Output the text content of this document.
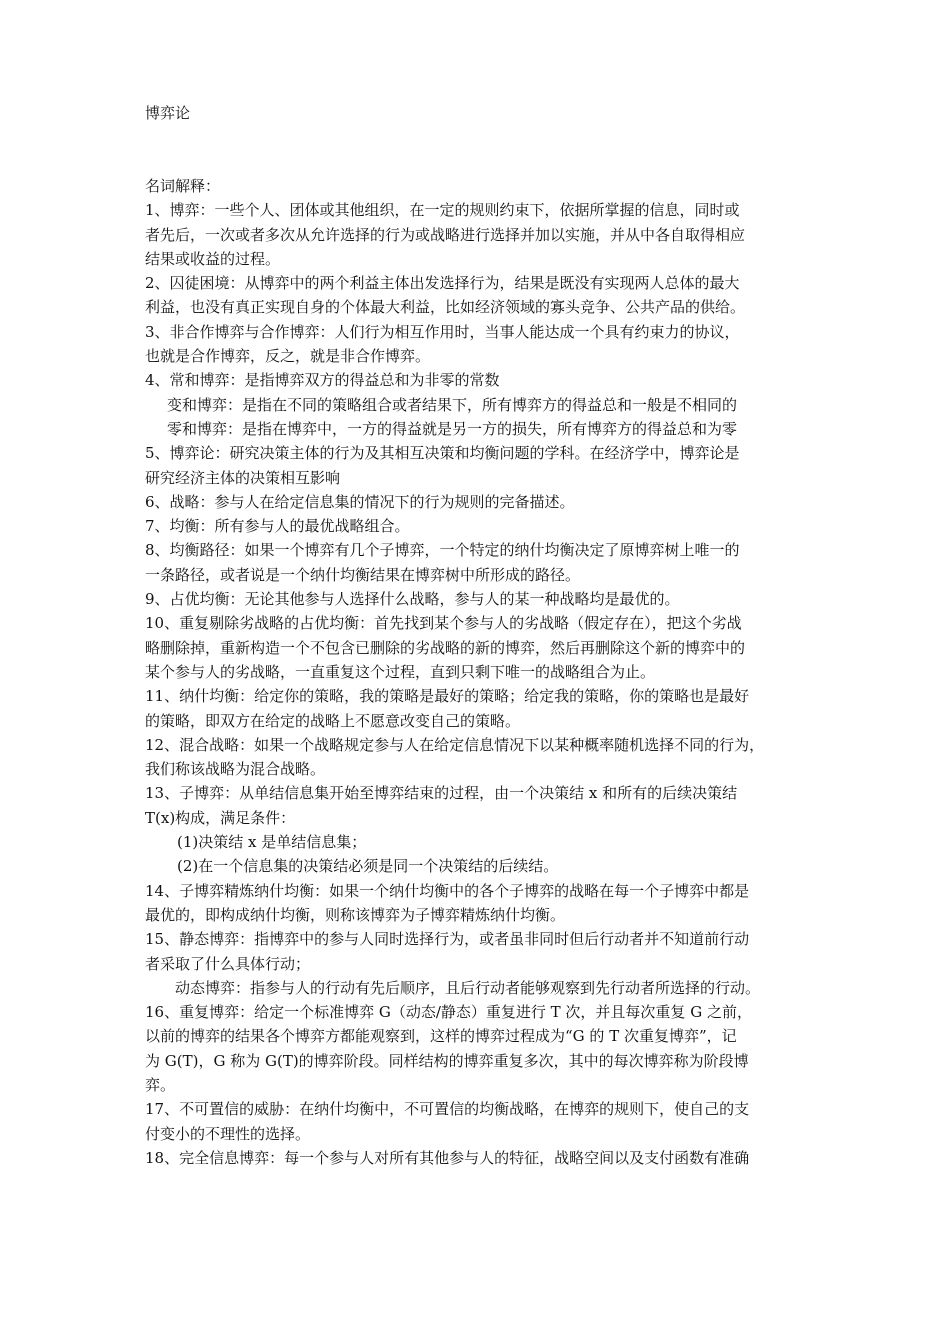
博弈论
名词解释：
1、博弈：一些个人、团体或其他组织，在一定的规则约束下，依据所掌握的信息，同时或
者先后，一次或者多次从允许选择的行为或战略进行选择并加以实施，并从中各自取得相应
结果或收益的过程。
2、囚徒困境：从博弈中的两个利益主体出发选择行为，结果是既没有实现两人总体的最大
利益，也没有真正实现自身的个体最大利益，比如经济领域的寡头竞争、公共产品的供给。
3、非合作博弈与合作博弈：人们行为相互作用时，当事人能达成一个具有约束力的协议，
也就是合作博弈，反之，就是非合作博弈。
4、常和博弈：是指博弈双方的得益总和为非零的常数
变和博弈：是指在不同的策略组合或者结果下，所有博弈方的得益总和一般是不相同的
零和博弈：是指在博弈中，一方的得益就是另一方的损失，所有博弈方的得益总和为零
5、博弈论：研究决策主体的行为及其相互决策和均衡问题的学科。在经济学中，博弈论是
研究经济主体的决策相互影响
6、战略：参与人在给定信息集的情况下的行为规则的完备描述。
7、均衡：所有参与人的最优战略组合。
8、均衡路径：如果一个博弈有几个子博弈，一个特定的纳什均衡决定了原博弈树上唯一的
一条路径，或者说是一个纳什均衡结果在博弈树中所形成的路径。
9、占优均衡：无论其他参与人选择什么战略，参与人的某一种战略均是最优的。
10、重复剔除劣战略的占优均衡：首先找到某个参与人的劣战略（假定存在），把这个劣战
略删除掉，重新构造一个不包含已删除的劣战略的新的博弈，然后再删除这个新的博弈中的
某个参与人的劣战略，一直重复这个过程，直到只剩下唯一的战略组合为止。
11、纳什均衡：给定你的策略，我的策略是最好的策略；给定我的策略，你的策略也是最好
的策略，即双方在给定的战略上不愿意改变自己的策略。
12、混合战略：如果一个战略规定参与人在给定信息情况下以某种概率随机选择不同的行为，
我们称该战略为混合战略。
13、子博弈：从单结信息集开始至博弈结束的过程，由一个决策结 x 和所有的后续决策结
T(x)构成，满足条件：
(1)决策结 x 是单结信息集；
(2)在一个信息集的决策结必须是同一个决策结的后续结。
14、子博弈精炼纳什均衡：如果一个纳什均衡中的各个子博弈的战略在每一个子博弈中都是
最优的，即构成纳什均衡，则称该博弈为子博弈精炼纳什均衡。
15、静态博弈：指博弈中的参与人同时选择行为，或者虽非同时但后行动者并不知道前行动
者采取了什么具体行动；
动态博弈：指参与人的行动有先后顺序，且后行动者能够观察到先行动者所选择的行动。
16、重复博弈：给定一个标准博弈 G（动态/静态）重复进行 T 次，并且每次重复 G 之前，
以前的博弈的结果各个博弈方都能观察到，这样的博弈过程成为“G 的 T 次重复博弈”，记
为 G(T)，G 称为 G(T)的博弈阶段。同样结构的博弈重复多次，其中的每次博弈称为阶段博
弈。
17、不可置信的威胁：在纳什均衡中，不可置信的均衡战略，在博弈的规则下，使自己的支
付变小的不理性的选择。
18、完全信息博弈：每一个参与人对所有其他参与人的特征，战略空间以及支付函数有准确
